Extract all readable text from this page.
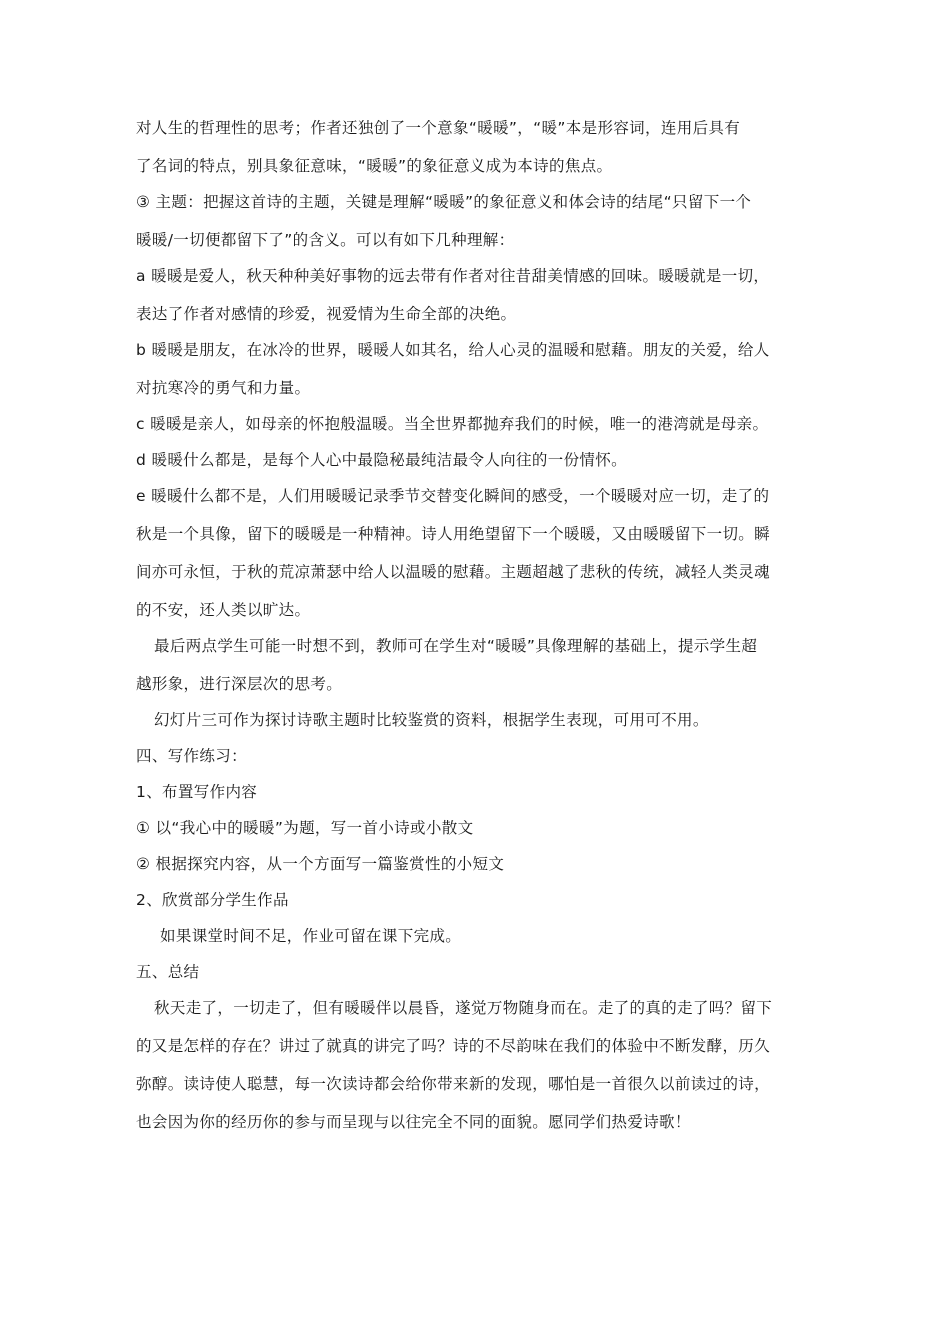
对人生的哲理性的思考；作者还独创了一个意象“暖暖”，“暖”本是形容词，连用后具有
了名词的特点，别具象征意味，“暖暖”的象征意义成为本诗的焦点。
③ 主题：把握这首诗的主题，关键是理解“暖暖”的象征意义和体会诗的结尾“只留下一个
暖暖/一切便都留下了”的含义。可以有如下几种理解：
a 暖暖是爱人，秋天种种美好事物的远去带有作者对往昔甜美情感的回味。暖暖就是一切，
表达了作者对感情的珍爱，视爱情为生命全部的决绝。
b 暖暖是朋友，在冰冷的世界，暖暖人如其名，给人心灵的温暖和慰藉。朋友的关爱，给人
对抗寒冷的勇气和力量。
c 暖暖是亲人，如母亲的怀抱般温暖。当全世界都抛弃我们的时候，唯一的港湾就是母亲。
d 暖暖什么都是，是每个人心中最隐秘最纯洁最令人向往的一份情怀。
e 暖暖什么都不是，人们用暖暖记录季节交替变化瞬间的感受，一个暖暖对应一切，走了的
秋是一个具像，留下的暖暖是一种精神。诗人用绝望留下一个暖暖，又由暖暖留下一切。瞬
间亦可永恒，于秋的荒凉萧瑟中给人以温暖的慰藉。主题超越了悲秋的传统，减轻人类灵魂
的不安，还人类以旷达。
最后两点学生可能一时想不到，教师可在学生对“暖暖”具像理解的基础上，提示学生超
越形象，进行深层次的思考。
幻灯片三可作为探讨诗歌主题时比较鉴赏的资料，根据学生表现，可用可不用。
四、写作练习：
1、布置写作内容
① 以“我心中的暖暖”为题，写一首小诗或小散文
② 根据探究内容，从一个方面写一篇鉴赏性的小短文
2、欣赏部分学生作品
如果课堂时间不足，作业可留在课下完成。
五、总结
秋天走了，一切走了，但有暖暖伴以晨昏，遂觉万物随身而在。走了的真的走了吗？留下
的又是怎样的存在？讲过了就真的讲完了吗？诗的不尽韵味在我们的体验中不断发酵，历久
弥醇。读诗使人聪慧，每一次读诗都会给你带来新的发现，哪怕是一首很久以前读过的诗，
也会因为你的经历你的参与而呈现与以往完全不同的面貌。愿同学们热爱诗歌！
